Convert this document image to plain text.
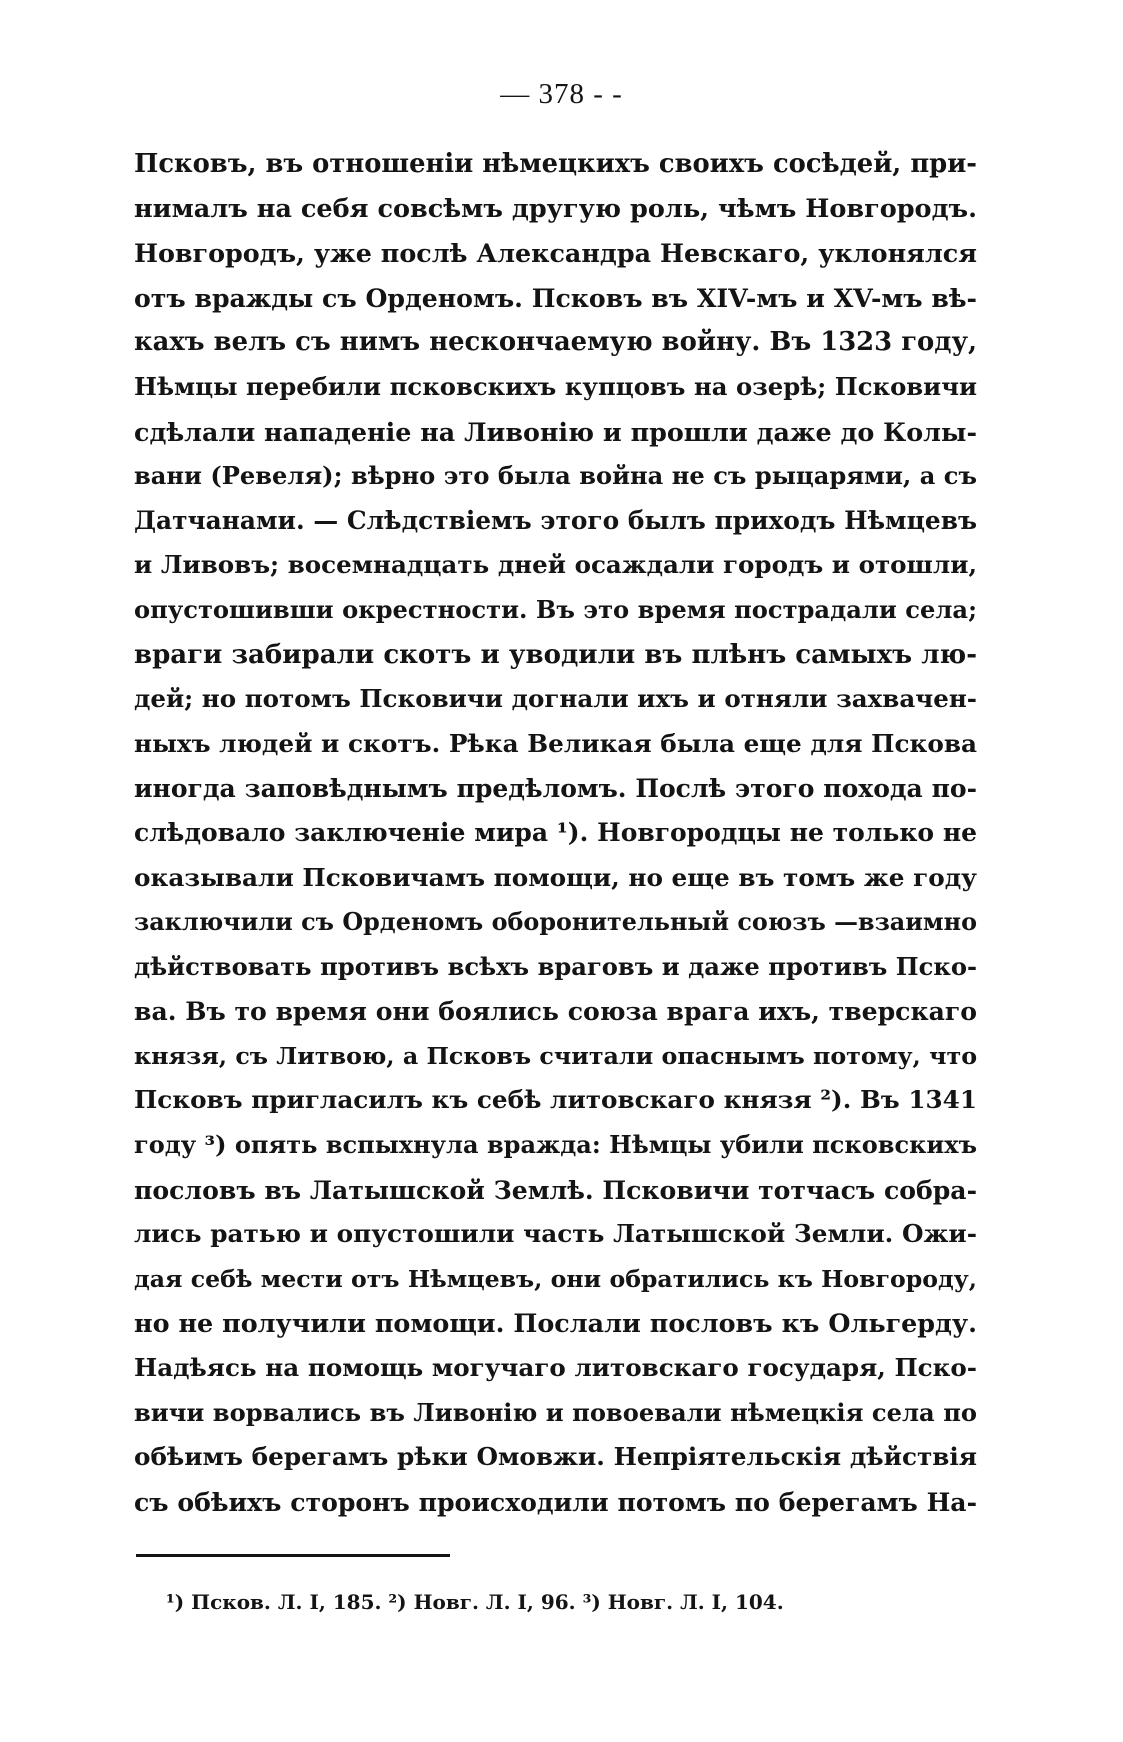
— 378 - -
Псковъ, въ отношеніи нѣмецкихъ своихъ сосѣдей, при-
нималъ на себя совсѣмъ другую роль, чѣмъ Новгородъ.
Новгородъ, уже послѣ Александра Невскаго, уклонялся
отъ вражды съ Орденомъ. Псковъ въ XIV-мъ и XV-мъ вѣ-
кахъ велъ съ нимъ нескончаемую войну. Въ 1323 году,
Нѣмцы перебили псковскихъ купцовъ на озерѣ; Псковичи
сдѣлали нападеніе на Ливонію и прошли даже до Колы-
вани (Ревеля); вѣрно это была война не съ рыцарями, а съ
Датчанами. — Слѣдствіемъ этого былъ приходъ Нѣмцевъ
и Ливовъ; восемнадцать дней осаждали городъ и отошли,
опустошивши окрестности. Въ это время пострадали села;
враги забирали скотъ и уводили въ плѣнъ самыхъ лю-
дей; но потомъ Псковичи догнали ихъ и отняли захвачен-
ныхъ людей и скотъ. Рѣка Великая была еще для Пскова
иногда заповѣднымъ предѣломъ. Послѣ этого похода по-
слѣдовало заключеніе мира ¹). Новгородцы не только не
оказывали Псковичамъ помощи, но еще въ томъ же году
заключили съ Орденомъ оборонительный союзъ —взаимно
дѣйствовать противъ всѣхъ враговъ и даже противъ Пско-
ва. Въ то время они боялись союза врага ихъ, тверскаго
князя, съ Литвою, а Псковъ считали опаснымъ потому, что
Псковъ пригласилъ къ себѣ литовскаго князя ²). Въ 1341
году ³) опять вспыхнула вражда: Нѣмцы убили псковскихъ
пословъ въ Латышской Землѣ. Псковичи тотчасъ собра-
лись ратью и опустошили часть Латышской Земли. Ожи-
дая себѣ мести отъ Нѣмцевъ, они обратились къ Новгороду,
но не получили помощи. Послали пословъ къ Ольгерду.
Надѣясь на помощь могучаго литовскаго государя, Пско-
вичи ворвались въ Ливонію и повоевали нѣмецкія села по
обѣимъ берегамъ рѣки Омовжи. Непріятельскія дѣйствія
съ обѣихъ сторонъ происходили потомъ по берегамъ На-
¹) Псков. Л. I, 185. ²) Новг. Л. I, 96. ³) Новг. Л. I, 104.
